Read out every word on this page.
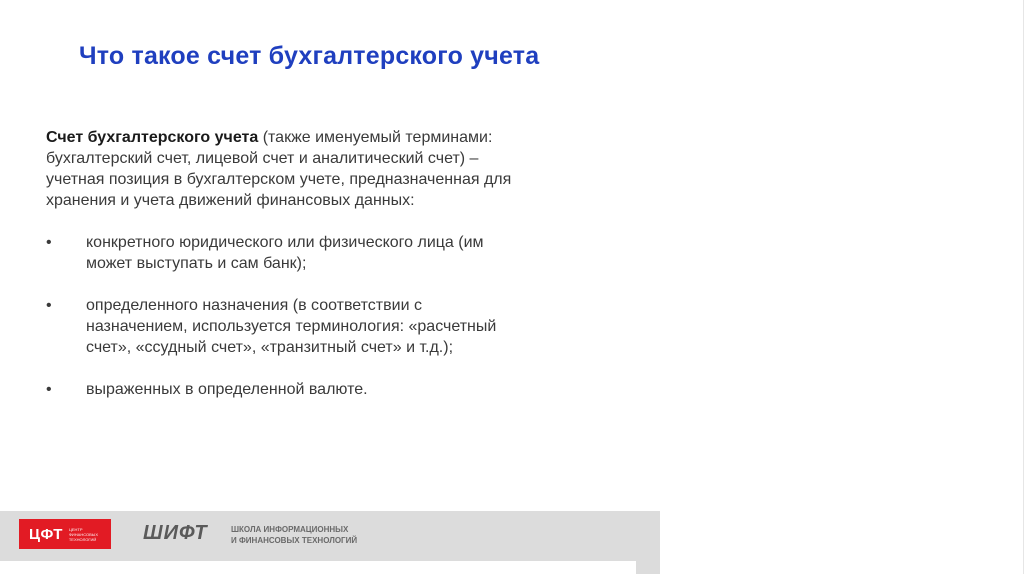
Что такое счет бухгалтерского учета

Счет бухгалтерского учета (также именуемый терминами: бухгалтерский счет, лицевой счет и аналитический счет) – учетная позиция в бухгалтерском учете, предназначенная для хранения и учета движений финансовых данных:

•	конкретного юридического или физического лица (им может выступать и сам банк);
•	определенного назначения (в соответствии с назначением, используется терминология: «расчетный счет», «ссудный счет», «транзитный счет» и т.д.);
•	выраженных в определенной валюте.
ЦФТ ЦЕНТР ФИНАНСОВЫХ ТЕХНОЛОГИЙ	ШИФТ	ШКОЛА ИНФОРМАЦИОННЫХ
И ФИНАНСОВЫХ ТЕХНОЛОГИЙ
